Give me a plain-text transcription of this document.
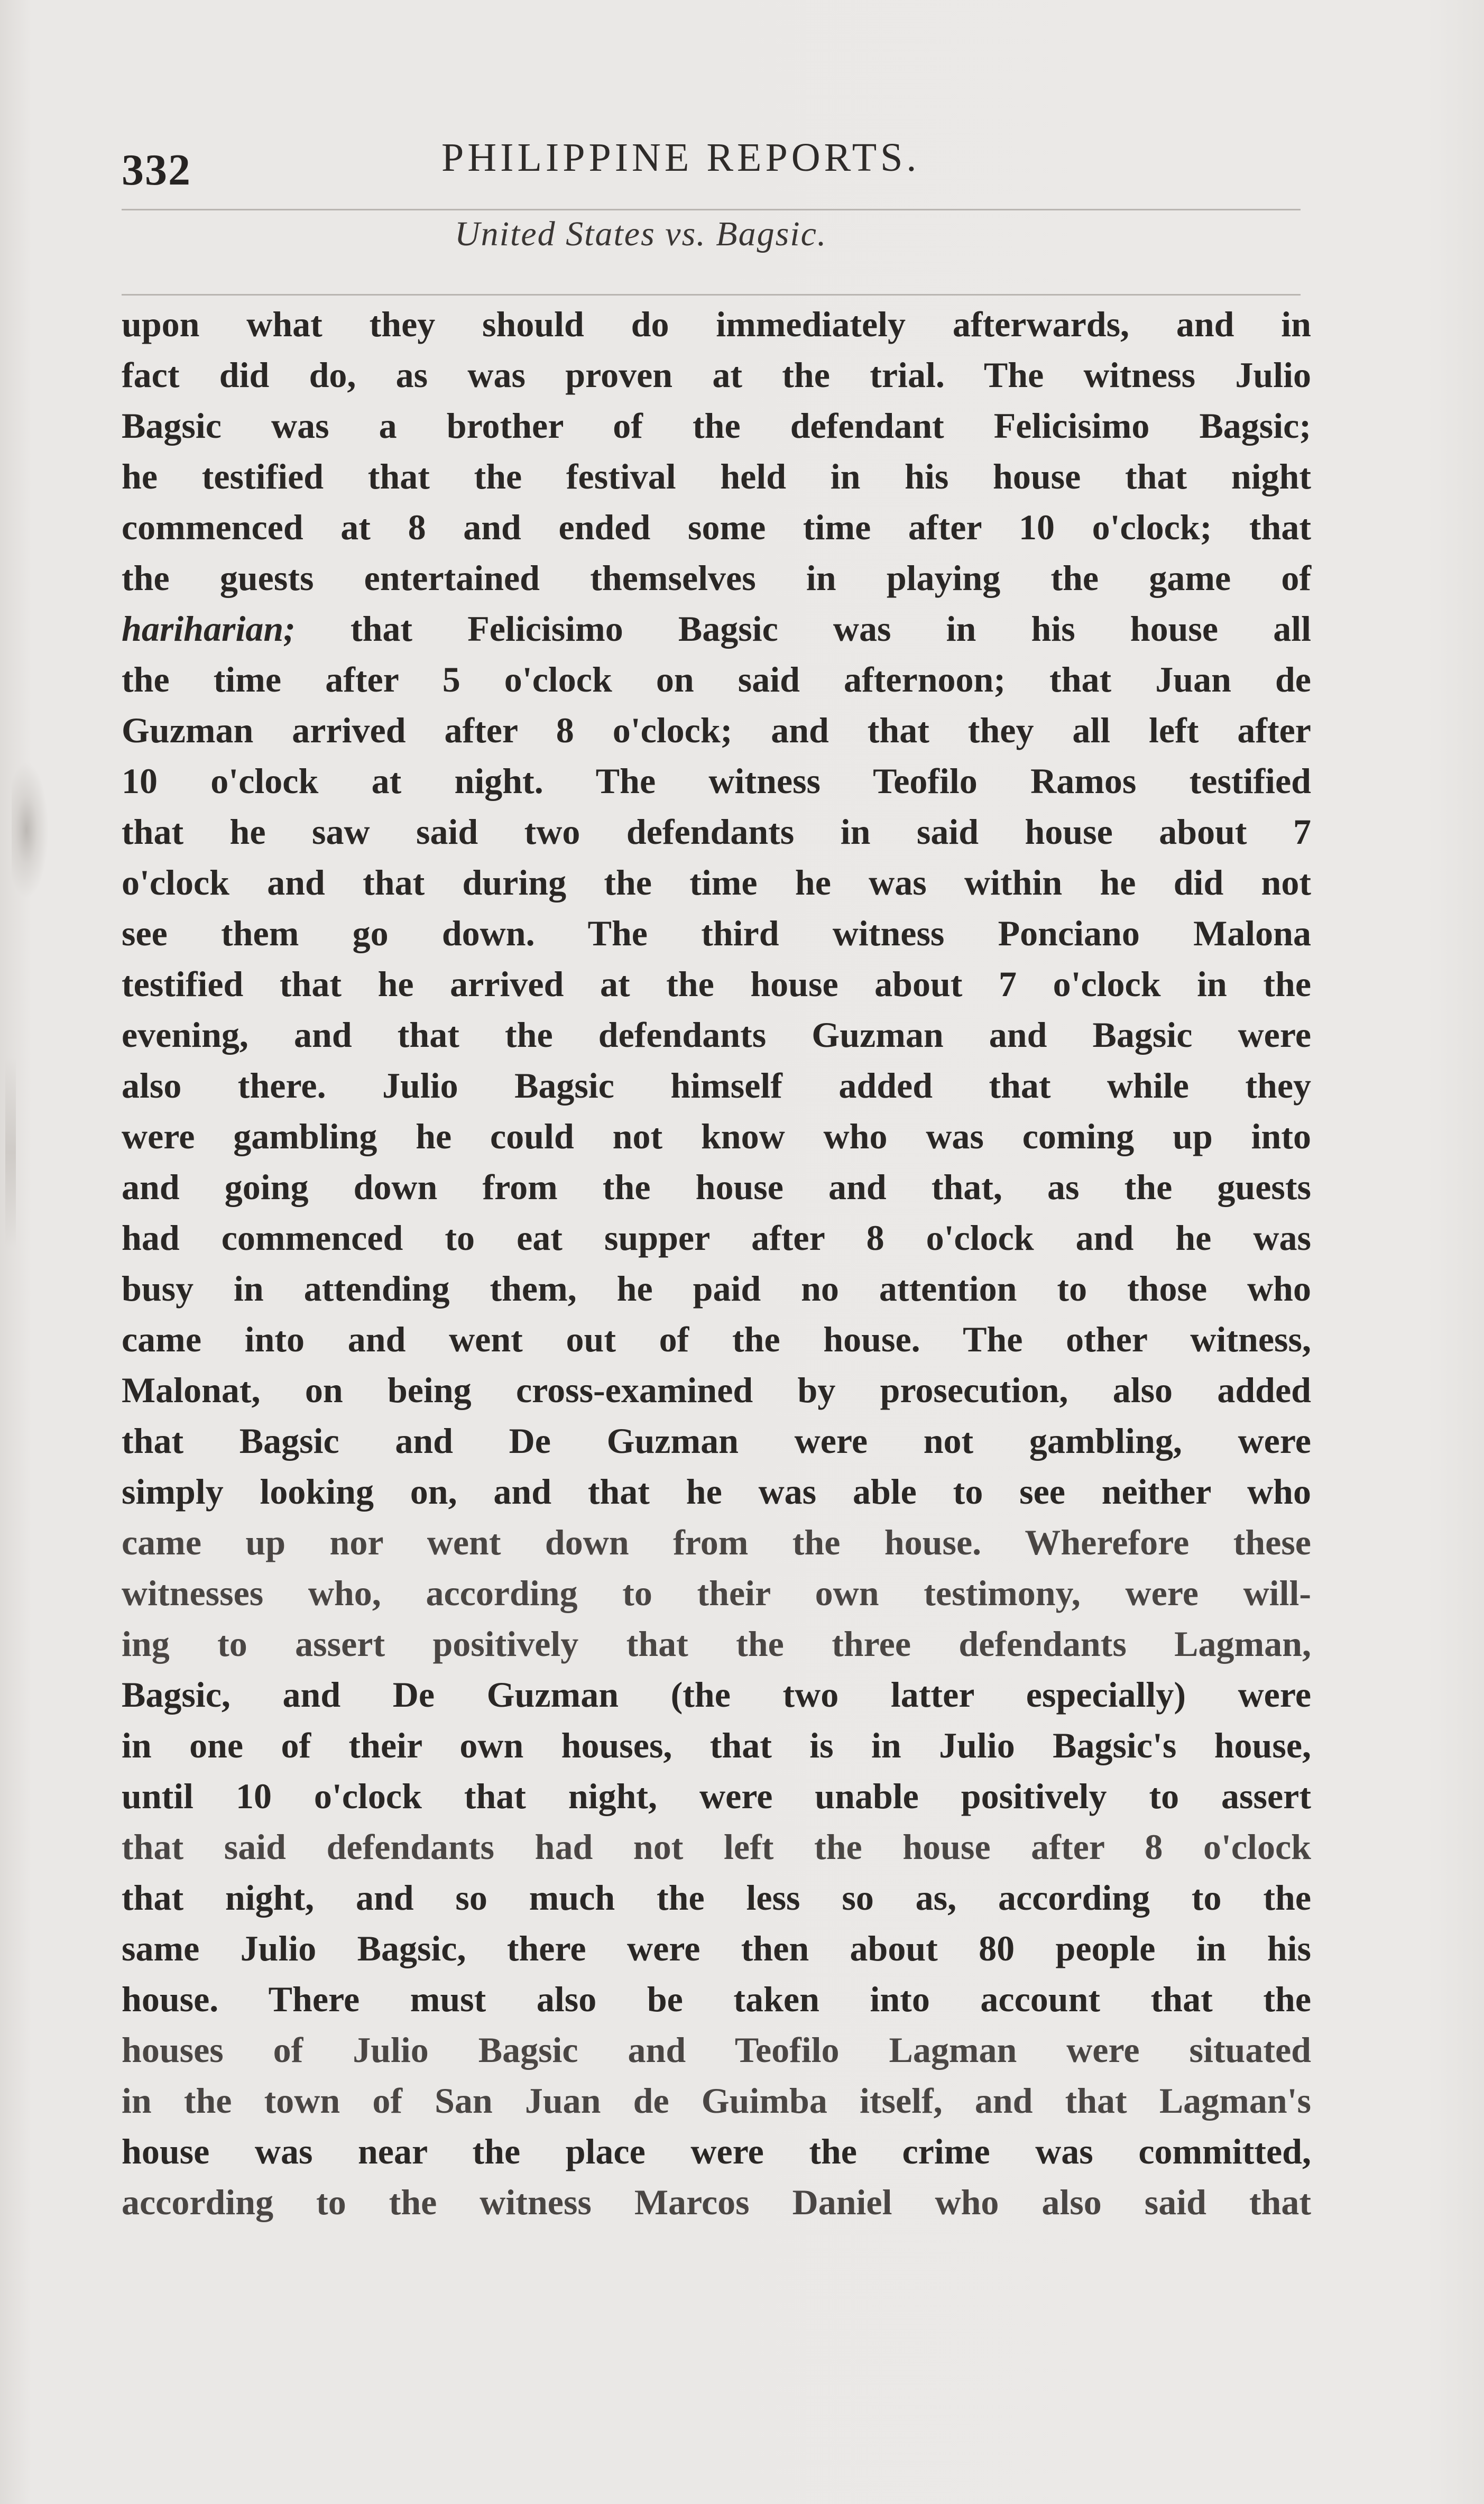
332	PHILIPPINE REPORTS.
United States vs. Bagsic.
upon what they should do immediately afterwards, and in
fact did do, as was proven at the trial. The witness Julio
Bagsic was a brother of the defendant Felicisimo Bagsic;
he testified that the festival held in his house that night
commenced at 8 and ended some time after 10 o'clock; that
the guests entertained themselves in playing the game of
hariharian; that Felicisimo Bagsic was in his house all
the time after 5 o'clock on said afternoon; that Juan de
Guzman arrived after 8 o'clock; and that they all left after
10 o'clock at night. The witness Teofilo Ramos testified
that he saw said two defendants in said house about 7
o'clock and that during the time he was within he did not
see them go down. The third witness Ponciano Malona
testified that he arrived at the house about 7 o'clock in the
evening, and that the defendants Guzman and Bagsic were
also there. Julio Bagsic himself added that while they
were gambling he could not know who was coming up into
and going down from the house and that, as the guests
had commenced to eat supper after 8 o'clock and he was
busy in attending them, he paid no attention to those who
came into and went out of the house. The other witness,
Malonat, on being cross-examined by prosecution, also added
that Bagsic and De Guzman were not gambling, were
simply looking on, and that he was able to see neither who
came up nor went down from the house. Wherefore these
witnesses who, according to their own testimony, were will-
ing to assert positively that the three defendants Lagman,
Bagsic, and De Guzman (the two latter especially) were
in one of their own houses, that is in Julio Bagsic's house,
until 10 o'clock that night, were unable positively to assert
that said defendants had not left the house after 8 o'clock
that night, and so much the less so as, according to the
same Julio Bagsic, there were then about 80 people in his
house. There must also be taken into account that the
houses of Julio Bagsic and Teofilo Lagman were situated
in the town of San Juan de Guimba itself, and that Lagman's
house was near the place were the crime was committed,
according to the witness Marcos Daniel who also said that
